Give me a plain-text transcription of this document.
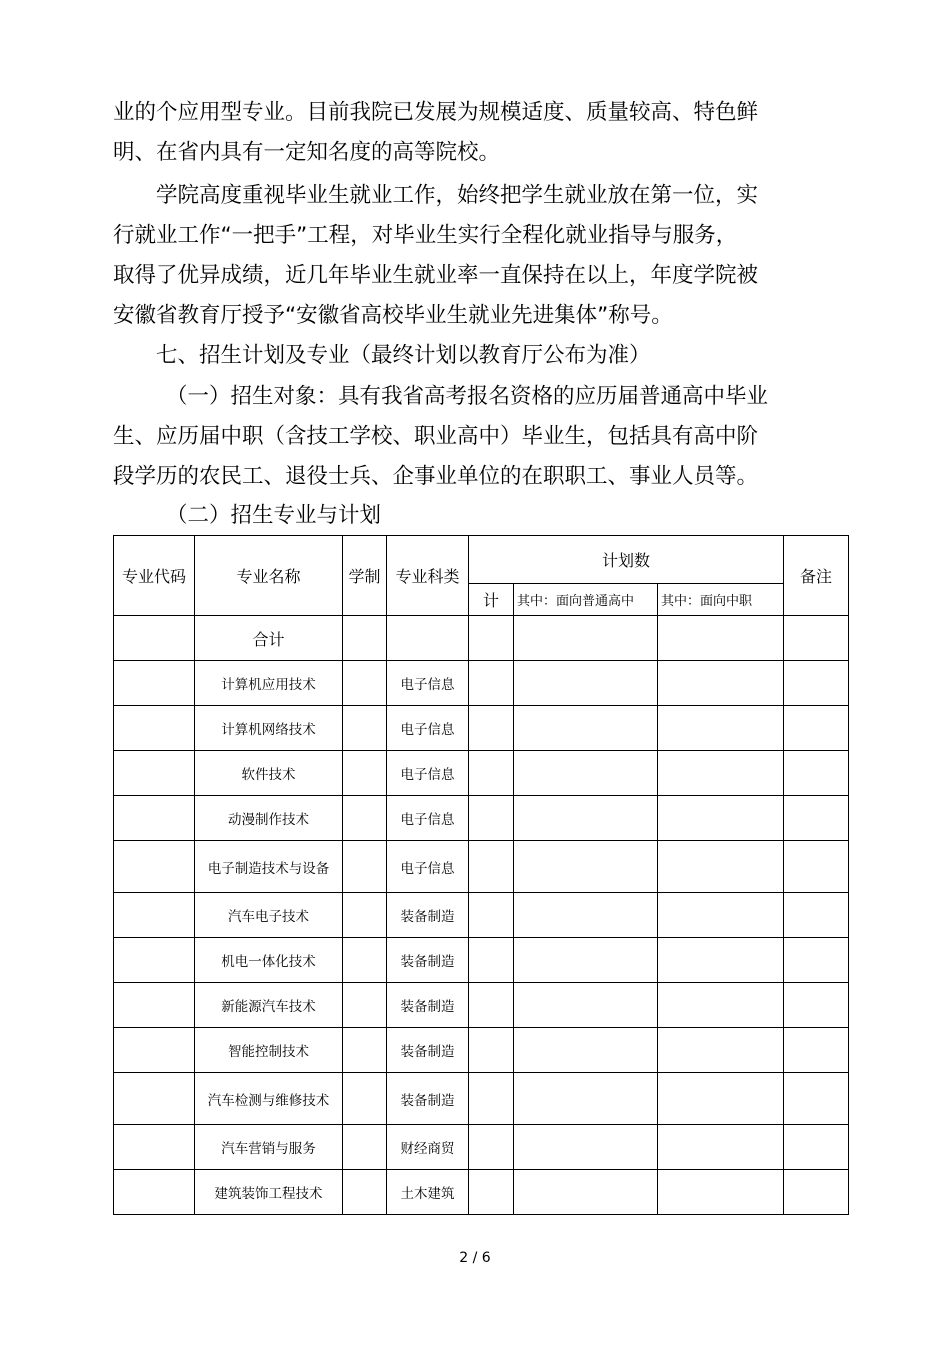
业的个应用型专业。目前我院已发展为规模适度、质量较高、特色鲜
明、在省内具有一定知名度的高等院校。
学院高度重视毕业生就业工作，始终把学生就业放在第一位，实
行就业工作“一把手”工程，对毕业生实行全程化就业指导与服务，
取得了优异成绩，近几年毕业生就业率一直保持在以上，年度学院被
安徽省教育厅授予“安徽省高校毕业生就业先进集体”称号。
七、招生计划及专业（最终计划以教育厅公布为准）
（一）招生对象：具有我省高考报名资格的应历届普通高中毕业
生、应历届中职（含技工学校、职业高中）毕业生，包括具有高中阶
段学历的农民工、退役士兵、企事业单位的在职职工、事业人员等。
（二）招生专业与计划
专业代码	专业名称	学制	专业科类	计划数			备注
				计	其中：面向普通高中	其中：面向中职	
	合计						
	计算机应用技术		电子信息				
	计算机网络技术		电子信息				
	软件技术		电子信息				
	动漫制作技术		电子信息				
	电子制造技术与设备		电子信息				
	汽车电子技术		装备制造				
	机电一体化技术		装备制造				
	新能源汽车技术		装备制造				
	智能控制技术		装备制造				
	汽车检测与维修技术		装备制造				
	汽车营销与服务		财经商贸				
	建筑装饰工程技术		土木建筑				
2 / 6
